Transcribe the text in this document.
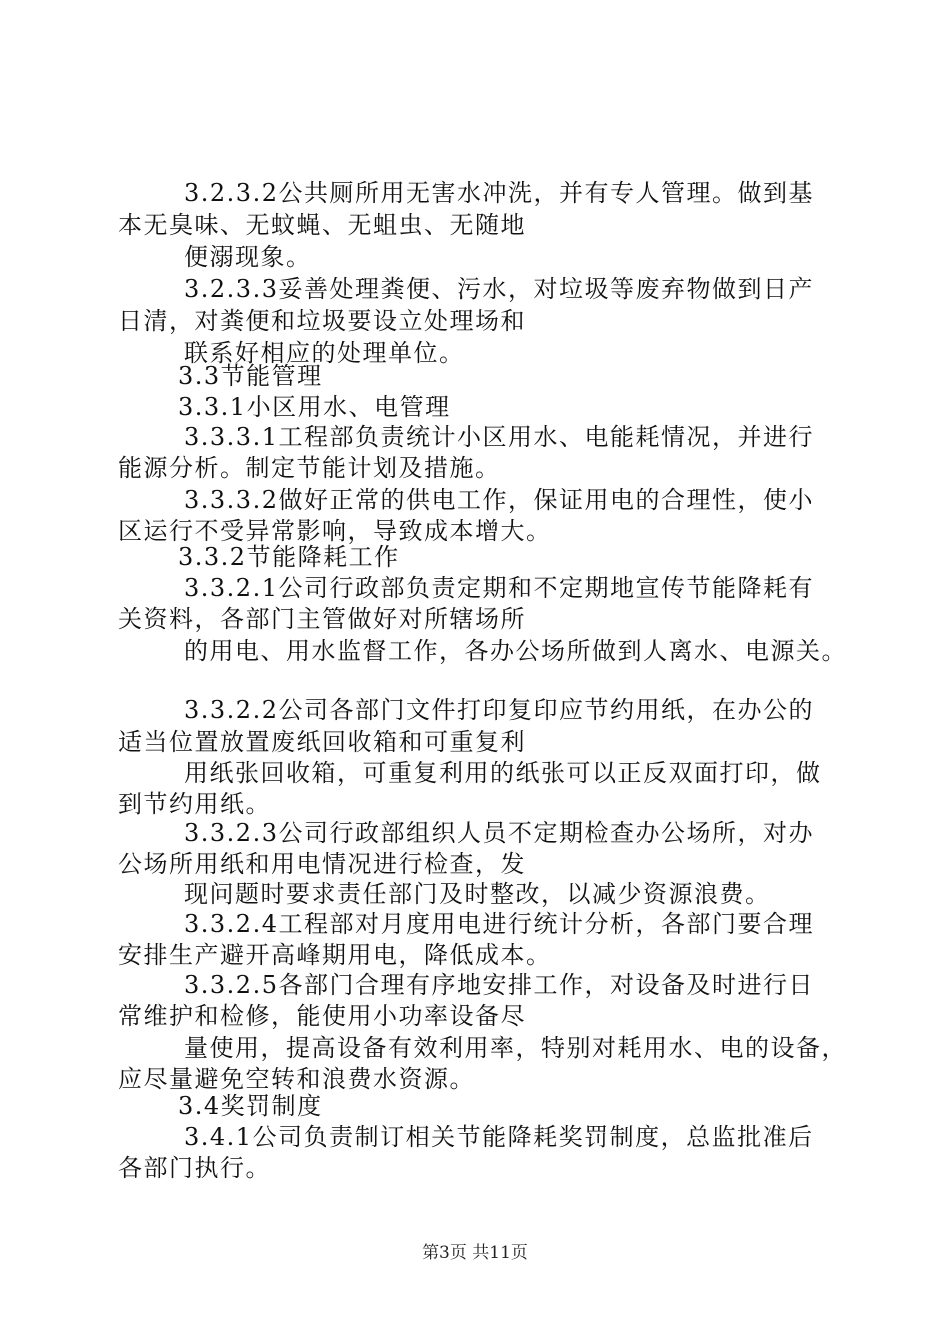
3.2.3.2公共厕所用无害水冲洗，并有专人管理。做到基
本无臭味、无蚊蝇、无蛆虫、无随地
便溺现象。
3.2.3.3妥善处理粪便、污水，对垃圾等废弃物做到日产
日清，对粪便和垃圾要设立处理场和
联系好相应的处理单位。
3.3节能管理
3.3.1小区用水、电管理
3.3.3.1工程部负责统计小区用水、电能耗情况，并进行
能源分析。制定节能计划及措施。
3.3.3.2做好正常的供电工作，保证用电的合理性，使小
区运行不受异常影响，导致成本增大。
3.3.2节能降耗工作
3.3.2.1公司行政部负责定期和不定期地宣传节能降耗有
关资料，各部门主管做好对所辖场所
的用电、用水监督工作，各办公场所做到人离水、电源关。
3.3.2.2公司各部门文件打印复印应节约用纸，在办公的
适当位置放置废纸回收箱和可重复利
用纸张回收箱，可重复利用的纸张可以正反双面打印，做
到节约用纸。
3.3.2.3公司行政部组织人员不定期检查办公场所，对办
公场所用纸和用电情况进行检查，发
现问题时要求责任部门及时整改，以减少资源浪费。
3.3.2.4工程部对月度用电进行统计分析，各部门要合理
安排生产避开高峰期用电，降低成本。
3.3.2.5各部门合理有序地安排工作，对设备及时进行日
常维护和检修，能使用小功率设备尽
量使用，提高设备有效利用率，特别对耗用水、电的设备，
应尽量避免空转和浪费水资源。
3.4奖罚制度
3.4.1公司负责制订相关节能降耗奖罚制度，总监批准后
各部门执行。
第3页 共11页
